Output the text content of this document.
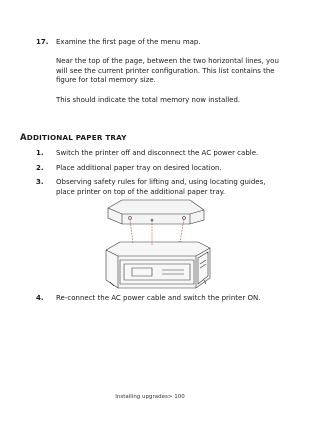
17. Examine the first page of the menu map.
Near the top of the page, between the two horizontal lines, you will see the current printer configuration. This list contains the figure for total memory size.
This should indicate the total memory now installed.
ADDITIONAL PAPER TRAY
1. Switch the printer off and disconnect the AC power cable.
2. Place additional paper tray on desired location.
3. Observing safety rules for lifting and, using locating guides, place printer on top of the additional paper tray.
4. Re-connect the AC power cable and switch the printer ON.
Installing upgrades> 100
